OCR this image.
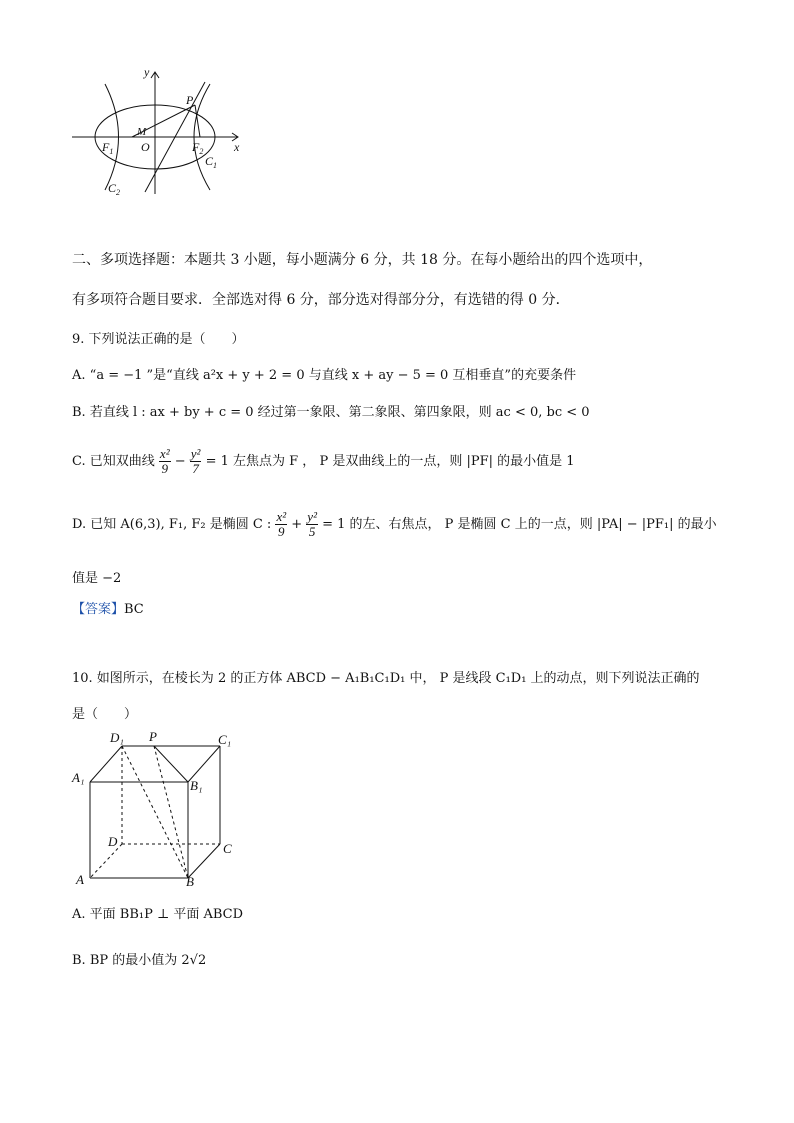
y
x
P
M
O
$F_1$	$F_2$
$C_1$
$C_2$
二、多项选择题：本题共 3 小题，每小题满分 6 分，共 18 分。在每小题给出的四个选项中，
有多项符合题目要求．全部选对得 6 分，部分选对得部分分，有选错的得 0 分．
9. 下列说法正确的是（　　）
A. “a = −1 ”是“直线 a²x + y + 2 = 0 与直线 x + ay − 5 = 0 互相垂直”的充要条件
B. 若直线 l : ax + by + c = 0 经过第一象限、第二象限、第四象限，则 ac < 0, bc < 0
C. 已知双曲线 $\frac{\text{x²}}{9} - \frac{\text{y²}}{7} = 1$ 左焦点为 F ， P 是双曲线上的一点，则 |PF| 的最小值是 1
D. 已知 A(6,3), F₁, F₂ 是椭圆 C : $\frac{\text{x²}}{9} + \frac{\text{y²}}{5} = 1$ 的左、右焦点， P 是椭圆 C 上的一点，则 |PA| − |PF₁| 的最小
值是 −2
【答案】BC
10. 如图所示，在棱长为 2 的正方体 ABCD − A₁B₁C₁D₁ 中， P 是线段 C₁D₁ 上的动点，则下列说法正确的
是（　　）
D₁ P	C₁
A₁
B₁
D	C
A	B
A. 平面 BB₁P ⊥ 平面 ABCD
B. BP 的最小值为 2√2
